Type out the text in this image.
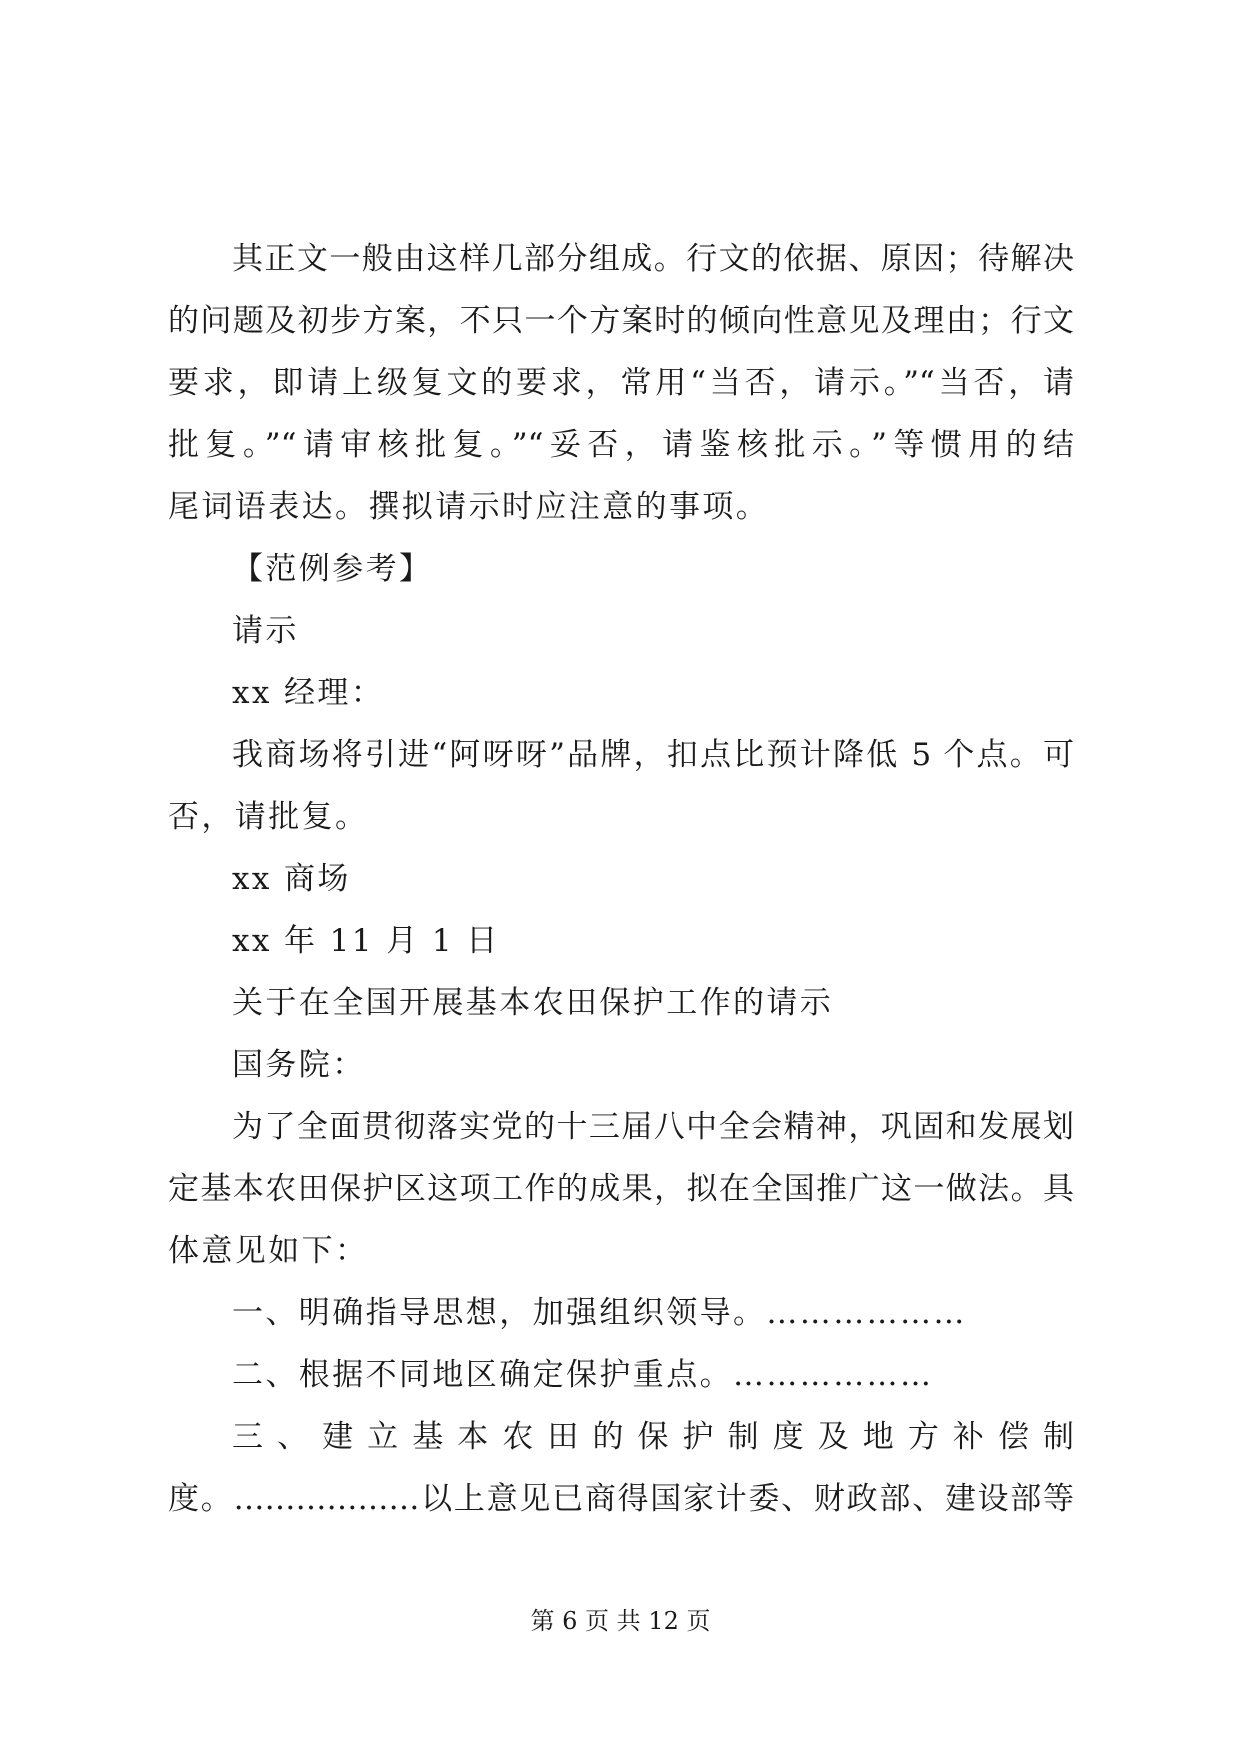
其正文一般由这样几部分组成。行文的依据、原因；待解决
的问题及初步方案，不只一个方案时的倾向性意见及理由；行文
要求，即请上级复文的要求，常用“当否，请示。”“当否，请
批复。”“请审核批复。”“妥否，请鉴核批示。”等惯用的结
尾词语表达。撰拟请示时应注意的事项。
【范例参考】
请示
xx 经理：
我商场将引进“阿呀呀”品牌，扣点比预计降低 5 个点。可
否，请批复。
xx 商场
xx 年 11 月 1 日
关于在全国开展基本农田保护工作的请示
国务院：
为了全面贯彻落实党的十三届八中全会精神，巩固和发展划
定基本农田保护区这项工作的成果，拟在全国推广这一做法。具
体意见如下：
一、明确指导思想，加强组织领导。………………
二、根据不同地区确定保护重点。………………
三、建立基本农田的保护制度及地方补偿制
度。………………以上意见已商得国家计委、财政部、建设部等
第 6 页 共 12 页
